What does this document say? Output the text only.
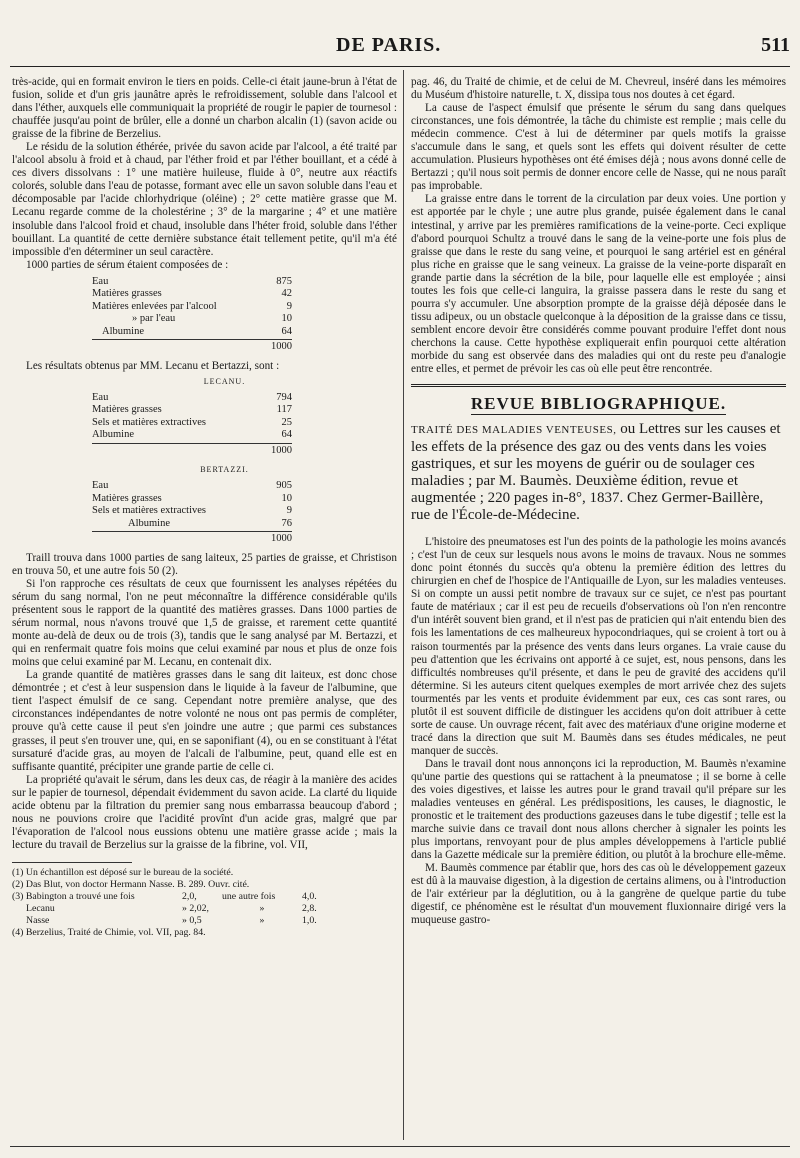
DE PARIS.	511

très-acide, qui en formait environ le tiers en poids. Celle-ci était jaune-brun à l'état de fusion, solide et d'un gris jaunâtre après le refroidissement, soluble dans l'alcool et dans l'éther, auxquels elle communiquait la propriété de rougir le papier de tournesol : chauffée jusqu'au point de brûler, elle a donné un charbon alcalin (1) (savon acide ou graisse de la fibrine de Berzelius.

Le résidu de la solution éthérée, privée du savon acide par l'alcool, a été traité par l'alcool absolu à froid et à chaud, par l'éther froid et par l'éther bouillant, et a cédé à ces divers dissolvans : 1° une matière huileuse, fluide à 0°, neutre aux réactifs colorés, soluble dans l'eau de potasse, formant avec elle un savon soluble dans l'eau et décomposable par l'acide chlorhydrique (oléine) ; 2° cette matière grasse que M. Lecanu regarde comme de la cholestérine ; 3° de la margarine ; 4° et une matière insoluble dans l'alcool froid et chaud, insoluble dans l'héter froid, soluble dans l'éther bouillant. La quantité de cette dernière substance était tellement petite, qu'il m'a été impossible d'en déterminer un seul caractère.

1000 parties de sérum étaient composées de :

Eau	875
Matières grasses	42
Matières enlevées par l'alcool	9
» par l'eau	10
Albumine	64
1000

Les résultats obtenus par MM. Lecanu et Bertazzi, sont :

LECANU.
Eau	794
Matières grasses	117
Sels et matières extractives	25
Albumine	64
1000
BERTAZZI.
Eau	905
Matières grasses	10
Sels et matières extractives	9
Albumine	76
1000

Traill trouva dans 1000 parties de sang laiteux, 25 parties de graisse, et Christison en trouva 50, et une autre fois 50 (2).

Si l'on rapproche ces résultats de ceux que fournissent les analyses répétées du sérum du sang normal, l'on ne peut méconnaître la différence considérable qu'ils présentent sous le rapport de la quantité des matières grasses. Dans 1000 parties de sérum normal, nous n'avons trouvé que 1,5 de graisse, et rarement cette quantité monte au-delà de deux ou de trois (3), tandis que le sang analysé par M. Bertazzi, et qui en renfermait quatre fois moins que celui examiné par nous et plus de onze fois moins que celui examiné par M. Lecanu, en contenait dix.

La grande quantité de matières grasses dans le sang dit laiteux, est donc chose démontrée ; et c'est à leur suspension dans le liquide à la faveur de l'albumine, que tient l'aspect émulsif de ce sang. Cependant notre première analyse, que des circonstances indépendantes de notre volonté ne nous ont pas permis de compléter, prouve qu'à cette cause il peut s'en joindre une autre ; que parmi ces substances grasses, il peut s'en trouver une, qui, en se saponifiant (4), ou en se constituant à l'état sursaturé d'acide gras, au moyen de l'alcali de l'albumine, peut, quand elle est en suffisante quantité, précipiter une grande partie de celle ci.

La propriété qu'avait le sérum, dans les deux cas, de réagir à la manière des acides sur le papier de tournesol, dépendait évidemment du savon acide. La clarté du liquide acide obtenu par la filtration du premier sang nous embarrassa beaucoup d'abord ; nous ne pouvions croire que l'acidité provînt d'un acide gras, malgré que par l'évaporation de l'alcool nous eussions obtenu une matière grasse acide ; mais la lecture du travail de Berzelius sur la graisse de la fibrine, vol. VII,

(1) Un échantillon est déposé sur le bureau de la société.

(2) Das Blut, von doctor Hermann Nasse. B. 289. Ouvr. cité.

(3) Babington a trouvé une fois	2,0,	une autre fois	4,0.
Lecanu	» 2,02,	»	2,8.
Nasse	» 0,5	»	1,0.

(4) Berzelius, Traité de Chimie, vol. VII, pag. 84.

pag. 46, du Traité de chimie, et de celui de M. Chevreul, inséré dans les mémoires du Muséum d'histoire naturelle, t. X, dissipa tous nos doutes à cet égard.

La cause de l'aspect émulsif que présente le sérum du sang dans quelques circonstances, une fois démontrée, la tâche du chimiste est remplie ; mais celle du médecin commence. C'est à lui de déterminer par quels motifs la graisse s'accumule dans le sang, et quels sont les effets qui doivent résulter de cette accumulation. Plusieurs hypothèses ont été émises déjà ; nous avons donné celle de Bertazzi ; qu'il nous soit permis de donner encore celle de Nasse, qui ne nous paraît pas improbable.

La graisse entre dans le torrent de la circulation par deux voies. Une portion y est apportée par le chyle ; une autre plus grande, puisée également dans le canal intestinal, y arrive par les premières ramifications de la veine-porte. Ceci explique d'abord pourquoi Schultz a trouvé dans le sang de la veine-porte une fois plus de graisse que dans le reste du sang veine, et pourquoi le sang artériel est en général plus riche en graisse que le sang veineux. La graisse de la veine-porte disparaît en grande partie dans la sécrétion de la bile, pour laquelle elle est employée ; ainsi toutes les fois que celle-ci languira, la graisse passera dans le reste du sang et pourra s'y accumuler. Une absorption prompte de la graisse déjà déposée dans le tissu adipeux, ou un obstacle quelconque à la déposition de la graisse dans ce tissu, semblent encore devoir être considérés comme pouvant produire l'effet dont nous cherchons la cause. Cette hypothèse expliquerait enfin pourquoi cette altération morbide du sang est observée dans des maladies qui ont du reste peu d'analogie entre elles, et permet de prévoir les cas où elle peut être rencontrée.

REVUE BIBLIOGRAPHIQUE.

TRAITÉ DES MALADIES VENTEUSES, ou Lettres sur les causes et les effets de la présence des gaz ou des vents dans les voies gastriques, et sur les moyens de guérir ou de soulager ces maladies ; par M. Baumès. Deuxième édition, revue et augmentée ; 220 pages in-8°, 1837. Chez Germer-Baillère, rue de l'École-de-Médecine.

L'histoire des pneumatoses est l'un des points de la pathologie les moins avancés ; c'est l'un de ceux sur lesquels nous avons le moins de travaux. Nous ne sommes donc point étonnés du succès qu'a obtenu la première édition des lettres du chirurgien en chef de l'hospice de l'Antiquaille de Lyon, sur les maladies venteuses. Si on compte un aussi petit nombre de travaux sur ce sujet, ce n'est pas pourtant faute de matériaux ; car il est peu de recueils d'observations où l'on n'en rencontre d'un intérêt souvent bien grand, et il n'est pas de praticien qui n'ait entendu bien des fois les lamentations de ces malheureux hypocondriaques, qui se croient à tort ou à raison tourmentés par la présence des vents dans leurs organes. La vraie cause du peu d'attention que les écrivains ont apporté à ce sujet, est, nous pensons, dans les difficultés nombreuses qu'il présente, et dans le peu de gravité des accidens qu'il détermine. Si les auteurs citent quelques exemples de mort arrivée chez des sujets tourmentés par les vents et produite évidemment par eux, ces cas sont rares, ou plutôt il est souvent difficile de distinguer les accidens qu'on doit attribuer à cette sorte de cause. Un ouvrage récent, fait avec des matériaux d'une origine moderne et tracé dans la direction que suit M. Baumès dans ses études médicales, ne peut manquer de succès.

Dans le travail dont nous annonçons ici la reproduction, M. Baumès n'examine qu'une partie des questions qui se rattachent à la pneumatose ; il se borne à celle des voies digestives, et laisse les autres pour le grand travail qu'il prépare sur les maladies venteuses en général. Les prédispositions, les causes, le diagnostic, le pronostic et le traitement des productions gazeuses dans le tube digestif ; telle est la marche suivie dans ce travail dont nous allons chercher à signaler les points les plus importans, renvoyant pour de plus amples développemens à l'article publié dans la Gazette médicale sur la première édition, ou plutôt à la brochure elle-même.

M. Baumès commence par établir que, hors des cas où le développement gazeux est dû à la mauvaise digestion, à la digestion de certains alimens, ou à l'introduction de l'air extérieur par la déglutition, ou à la gangrène de quelque partie du tube digestif, ce phénomène est le résultat d'un mouvement fluxionnaire dirigé vers la muqueuse gastro-
